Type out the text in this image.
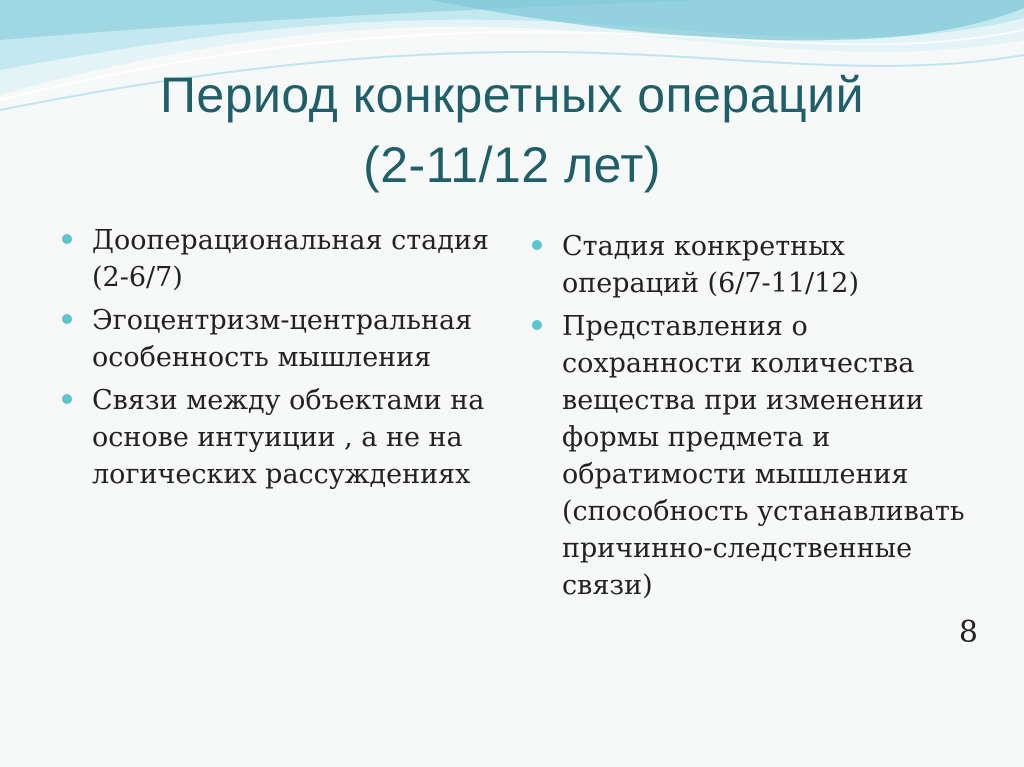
Период конкретных операций
(2-11/12 лет)
Дооперациональная стадия (2-6/7)
Эгоцентризм-центральная особенность мышления
Связи между объектами на основе интуиции , а не на логических рассуждениях
Стадия конкретных операций (6/7-11/12)
Представления о сохранности количества вещества при изменении формы предмета и обратимости мышления (способность устанавливать причинно-следственные связи)
8
